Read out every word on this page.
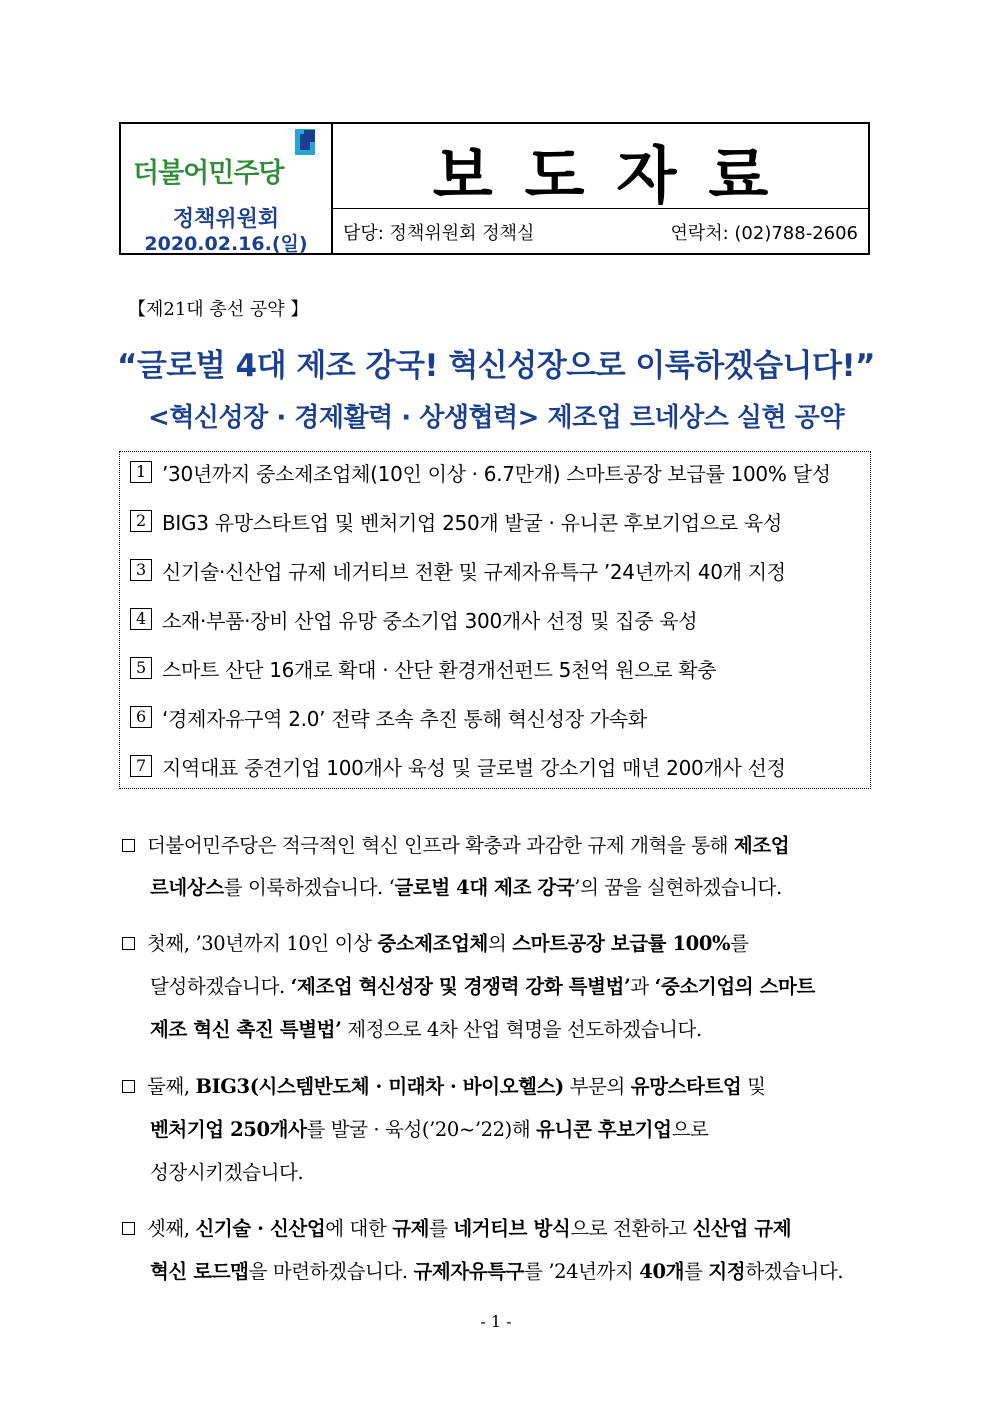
더불어민주당
정책위원회
2020.02.16.(일)
보도자료
담당: 정책위원회 정책실	연락처: (02)788-2606
【제21대 총선 공약 】
“글로벌 4대 제조 강국! 혁신성장으로 이룩하겠습니다!”
<혁신성장 · 경제활력 · 상생협력> 제조업 르네상스 실현 공약
1 ’30년까지 중소제조업체(10인 이상 · 6.7만개) 스마트공장 보급률 100% 달성
2 BIG3 유망스타트업 및 벤처기업 250개 발굴 · 유니콘 후보기업으로 육성
3 신기술·신산업 규제 네거티브 전환 및 규제자유특구 ’24년까지 40개 지정
4 소재·부품·장비 산업 유망 중소기업 300개사 선정 및 집중 육성
5 스마트 산단 16개로 확대 · 산단 환경개선펀드 5천억 원으로 확충
6 ‘경제자유구역 2.0’ 전략 조속 추진 통해 혁신성장 가속화
7 지역대표 중견기업 100개사 육성 및 글로벌 강소기업 매년 200개사 선정
더불어민주당은 적극적인 혁신 인프라 확충과 과감한 규제 개혁을 통해 제조업
르네상스를 이룩하겠습니다. ‘글로벌 4대 제조 강국’의 꿈을 실현하겠습니다.
첫째, ’30년까지 10인 이상 중소제조업체의 스마트공장 보급률 100%를
달성하겠습니다. ‘제조업 혁신성장 및 경쟁력 강화 특별법’과 ‘중소기업의 스마트
제조 혁신 촉진 특별법’ 제정으로 4차 산업 혁명을 선도하겠습니다.
둘째, BIG3(시스템반도체 · 미래차 · 바이오헬스) 부문의 유망스타트업 및
벤처기업 250개사를 발굴 · 육성(’20~’22)해 유니콘 후보기업으로
성장시키겠습니다.
셋째, 신기술 · 신산업에 대한 규제를 네거티브 방식으로 전환하고 신산업 규제
혁신 로드맵을 마련하겠습니다. 규제자유특구를 ’24년까지 40개를 지정하겠습니다.
- 1 -
